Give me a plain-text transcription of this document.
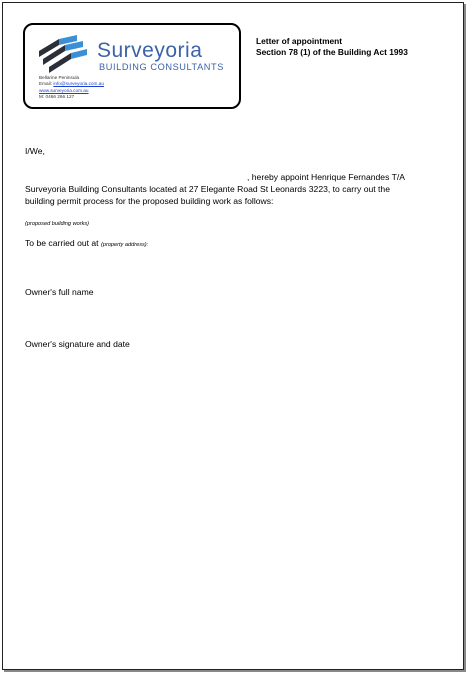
Surveyoria
BUILDING CONSULTANTS
Bellarine Peninsula
Email: info@surveyoria.com.au
www.surveyoria.com.au
M: 0466 266 127
Letter of appointment
Section 78 (1) of the Building Act 1993
I/We,
, hereby appoint Henrique Fernandes T/A
Surveyoria Building Consultants located at 27 Elegante Road St Leonards 3223, to carry out the
building permit process for the proposed building work as follows:
(proposed building works)
To be carried out at (property address):
Owner's full name
Owner's signature and date
